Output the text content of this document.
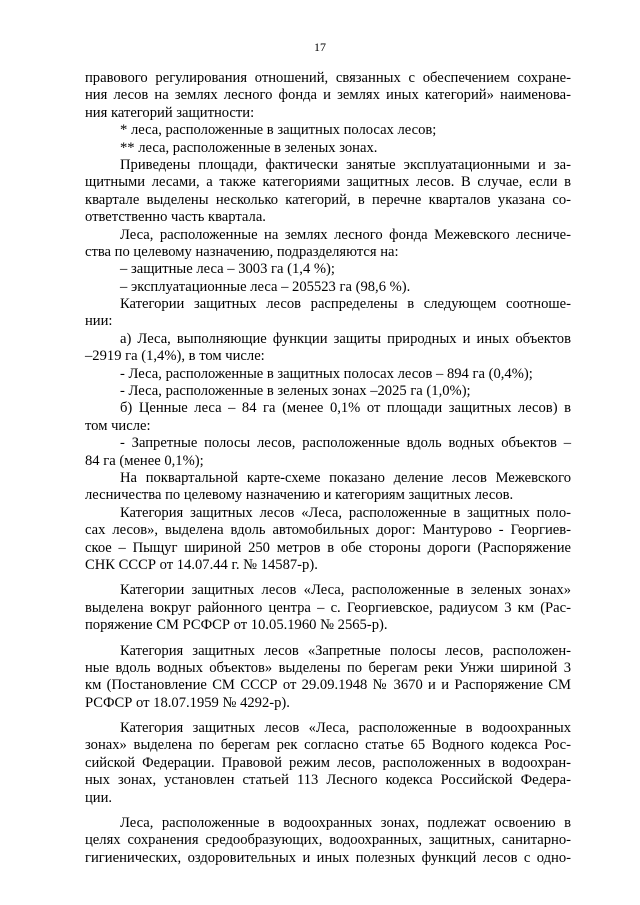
17
правового регулирования отношений, связанных с обеспечением сохране-
ния лесов на землях лесного фонда и землях иных категорий» наименова-
ния категорий защитности:
* леса, расположенные в защитных полосах лесов;
** леса, расположенные в зеленых зонах.
Приведены площади, фактически занятые эксплуатационными и за-
щитными лесами, а также категориями защитных лесов. В случае, если в
квартале выделены несколько категорий, в перечне кварталов указана со-
ответственно часть квартала.
Леса, расположенные на землях лесного фонда Межевского лесниче-
ства по целевому назначению, подразделяются на:
– защитные леса – 3003 га (1,4 %);
– эксплуатационные леса – 205523 га (98,6 %).
Категории защитных лесов распределены в следующем соотноше-
нии:
а) Леса, выполняющие функции защиты природных и иных объектов
–2919 га (1,4%), в том числе:
- Леса, расположенные в защитных полосах лесов – 894 га (0,4%);
- Леса, расположенные в зеленых зонах –2025 га (1,0%);
б) Ценные леса – 84 га (менее 0,1% от площади защитных лесов) в
том числе:
- Запретные полосы лесов, расположенные вдоль водных объектов –
84 га (менее 0,1%);
На поквартальной карте-схеме показано деление лесов Межевского
лесничества по целевому назначению и категориям защитных лесов.
Категория защитных лесов «Леса, расположенные в защитных поло-
сах лесов», выделена вдоль автомобильных дорог: Мантурово - Георгиев-
ское – Пыщуг шириной 250 метров в обе стороны дороги (Распоряжение
СНК СССР от 14.07.44 г. № 14587-р).
Категории защитных лесов «Леса, расположенные в зеленых зонах»
выделена вокруг районного центра – с. Георгиевское, радиусом 3 км (Рас-
поряжение СМ РСФСР от 10.05.1960 № 2565-р).
Категория защитных лесов «Запретные полосы лесов, расположен-
ные вдоль водных объектов» выделены по берегам реки Унжи шириной 3
км (Постановление СМ СССР от 29.09.1948 № 3670 и и Распоряжение СМ
РСФСР от 18.07.1959 № 4292-р).
Категория защитных лесов «Леса, расположенные в водоохранных
зонах» выделена по берегам рек согласно статье 65 Водного кодекса Рос-
сийской Федерации. Правовой режим лесов, расположенных в водоохран-
ных зонах, установлен статьей 113 Лесного кодекса Российской Федера-
ции.
Леса, расположенные в водоохранных зонах, подлежат освоению в
целях сохранения средообразующих, водоохранных, защитных, санитарно-
гигиенических, оздоровительных и иных полезных функций лесов с одно-
